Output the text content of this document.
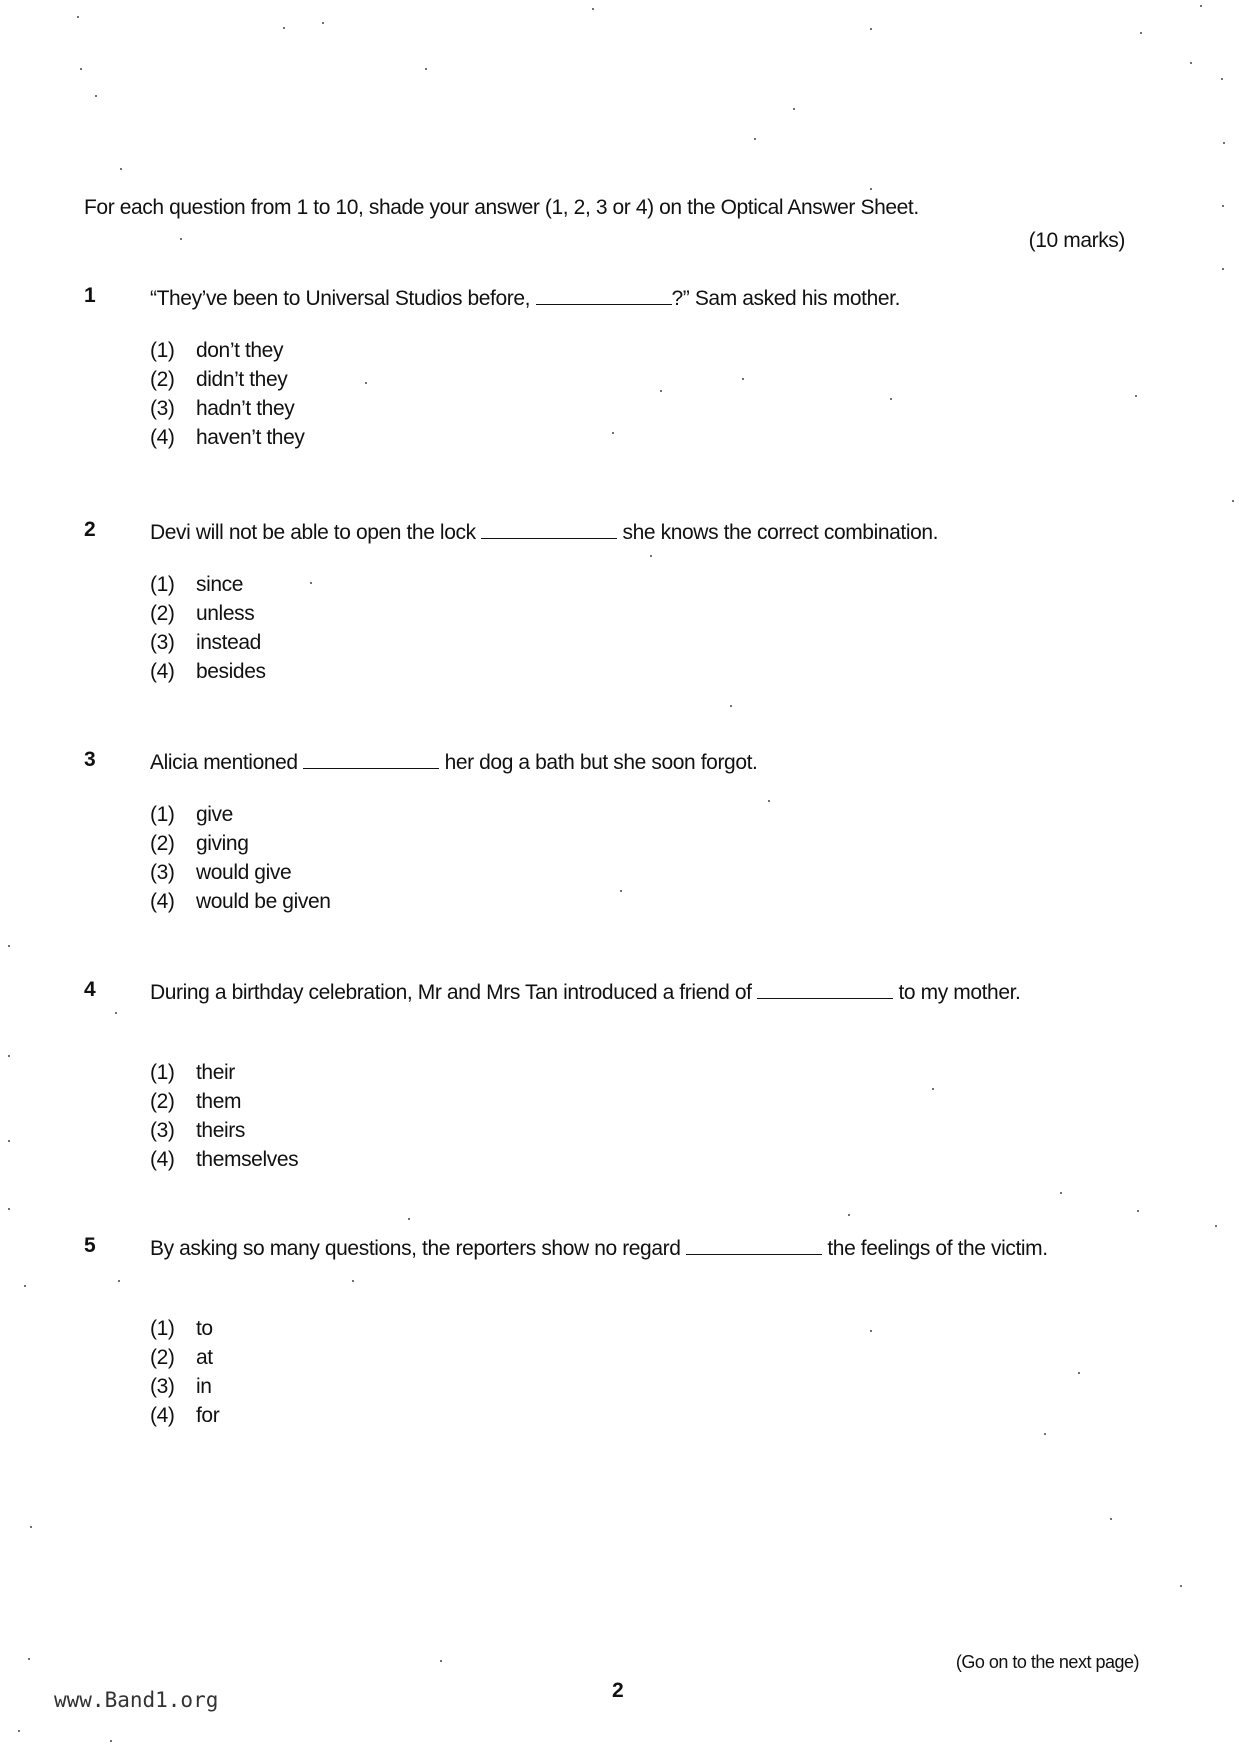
For each question from 1 to 10, shade your answer (1, 2, 3 or 4) on the Optical Answer Sheet.
(10 marks)
1	“They’ve been to Universal Studios before,	?” Sam asked his mother.
(1) don’t they
(2) didn’t they
(3) hadn’t they
(4) haven’t they
2	Devi will not be able to open the lock	she knows the correct combination.
(1) since
(2) unless
(3) instead
(4) besides
3	Alicia mentioned	her dog a bath but she soon forgot.
(1) give
(2) giving
(3) would give
(4) would be given
4	During a birthday celebration, Mr and Mrs Tan introduced a friend of	to my mother.
(1) their
(2) them
(3) theirs
(4) themselves
5	By asking so many questions, the reporters show no regard	the feelings of the victim.
(1) to
(2) at
(3) in
(4) for
(Go on to the next page)
2
www.Band1.org
